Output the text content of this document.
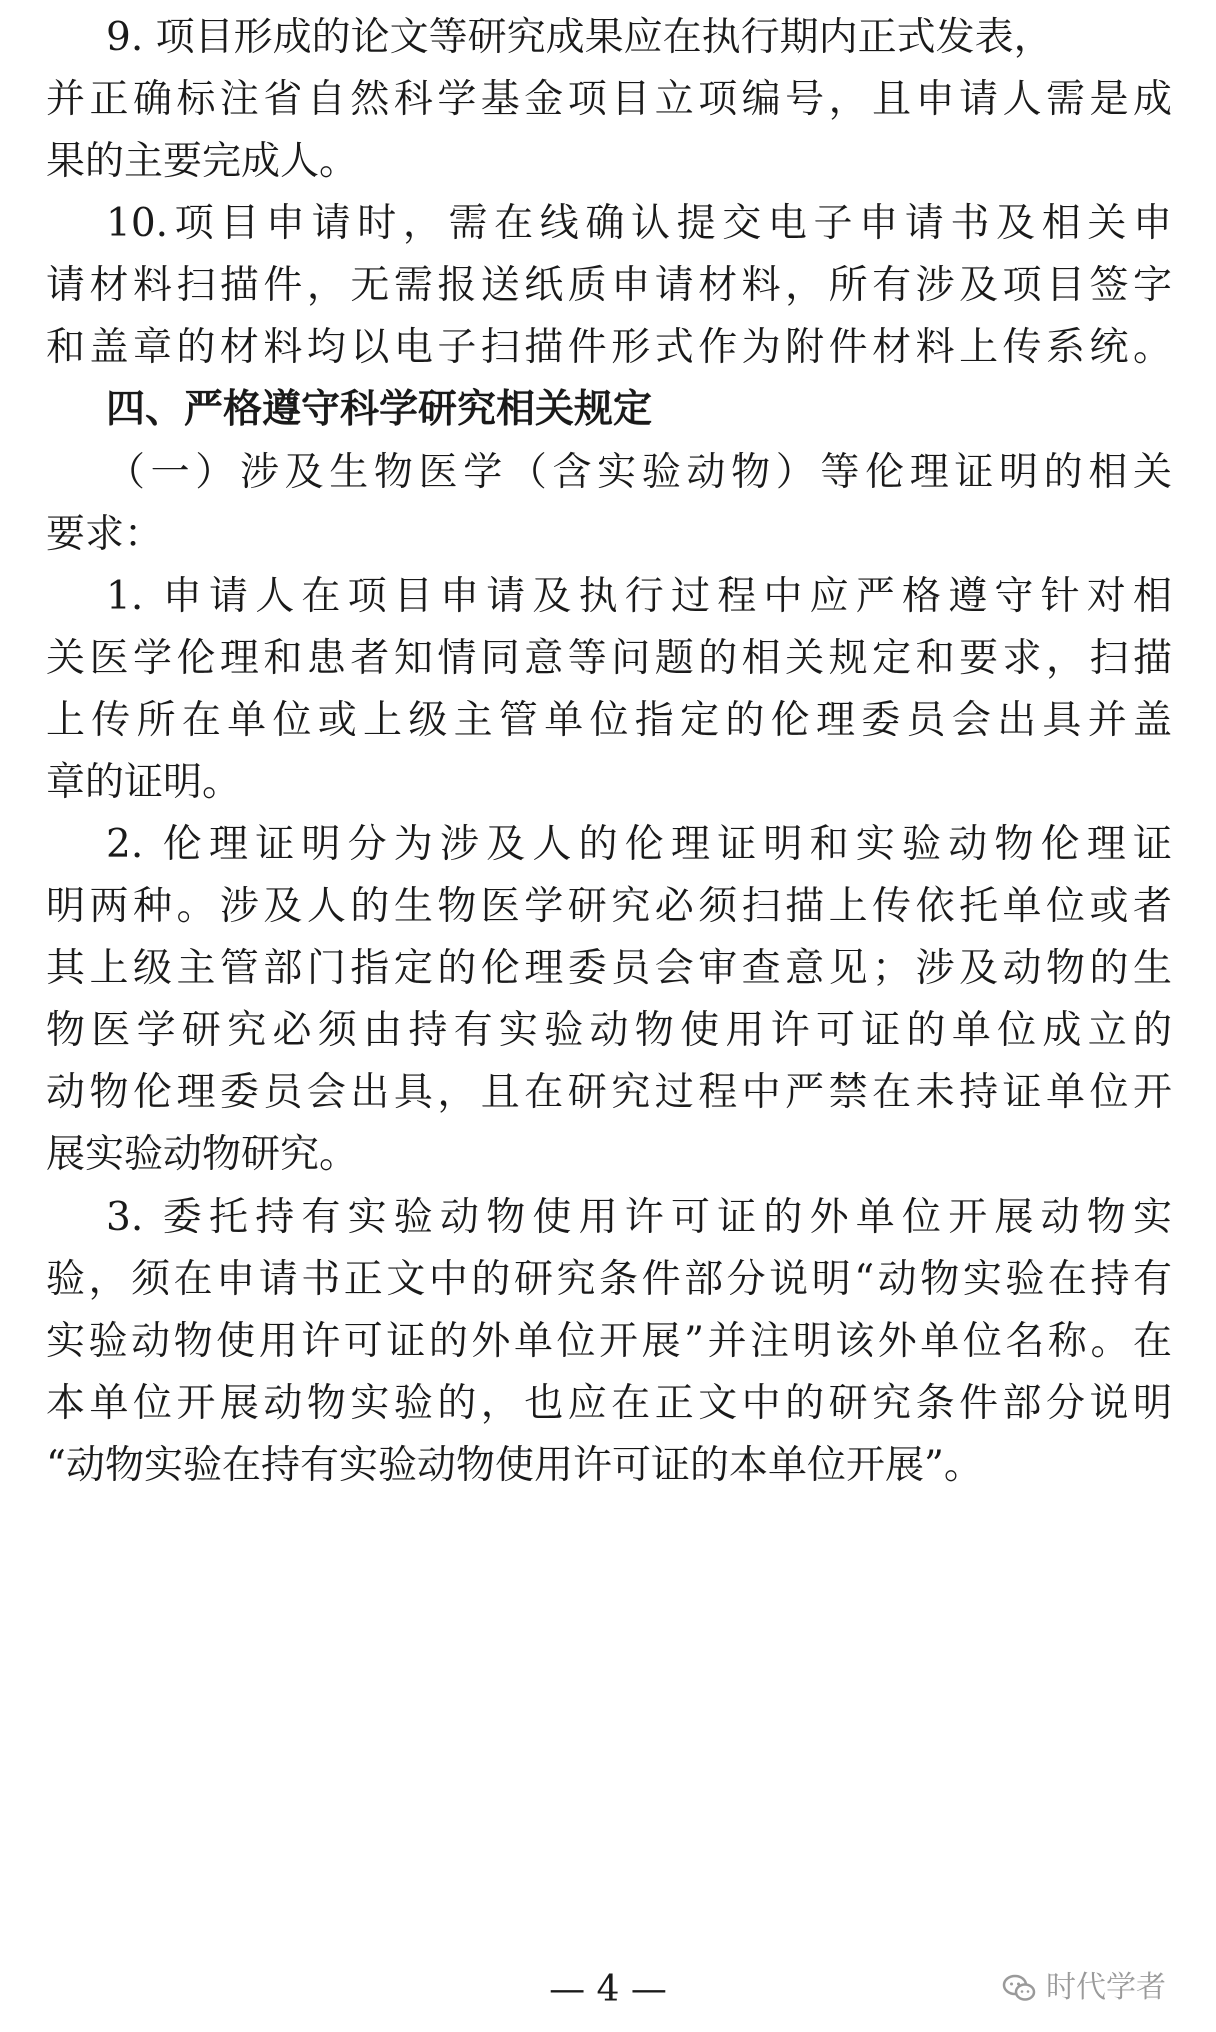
9. 项目形成的论文等研究成果应在执行期内正式发表，
并正确标注省自然科学基金项目立项编号，且申请人需是成
果的主要完成人。
10.项目申请时，需在线确认提交电子申请书及相关申
请材料扫描件，无需报送纸质申请材料，所有涉及项目签字
和盖章的材料均以电子扫描件形式作为附件材料上传系统。
四、严格遵守科学研究相关规定
（一）涉及生物医学（含实验动物）等伦理证明的相关
要求：
1. 申请人在项目申请及执行过程中应严格遵守针对相
关医学伦理和患者知情同意等问题的相关规定和要求，扫描
上传所在单位或上级主管单位指定的伦理委员会出具并盖
章的证明。
2. 伦理证明分为涉及人的伦理证明和实验动物伦理证
明两种。涉及人的生物医学研究必须扫描上传依托单位或者
其上级主管部门指定的伦理委员会审查意见；涉及动物的生
物医学研究必须由持有实验动物使用许可证的单位成立的
动物伦理委员会出具，且在研究过程中严禁在未持证单位开
展实验动物研究。
3. 委托持有实验动物使用许可证的外单位开展动物实
验，须在申请书正文中的研究条件部分说明“动物实验在持有
实验动物使用许可证的外单位开展”并注明该外单位名称。在
本单位开展动物实验的，也应在正文中的研究条件部分说明
“动物实验在持有实验动物使用许可证的本单位开展”。
— 4 —	时代学者
